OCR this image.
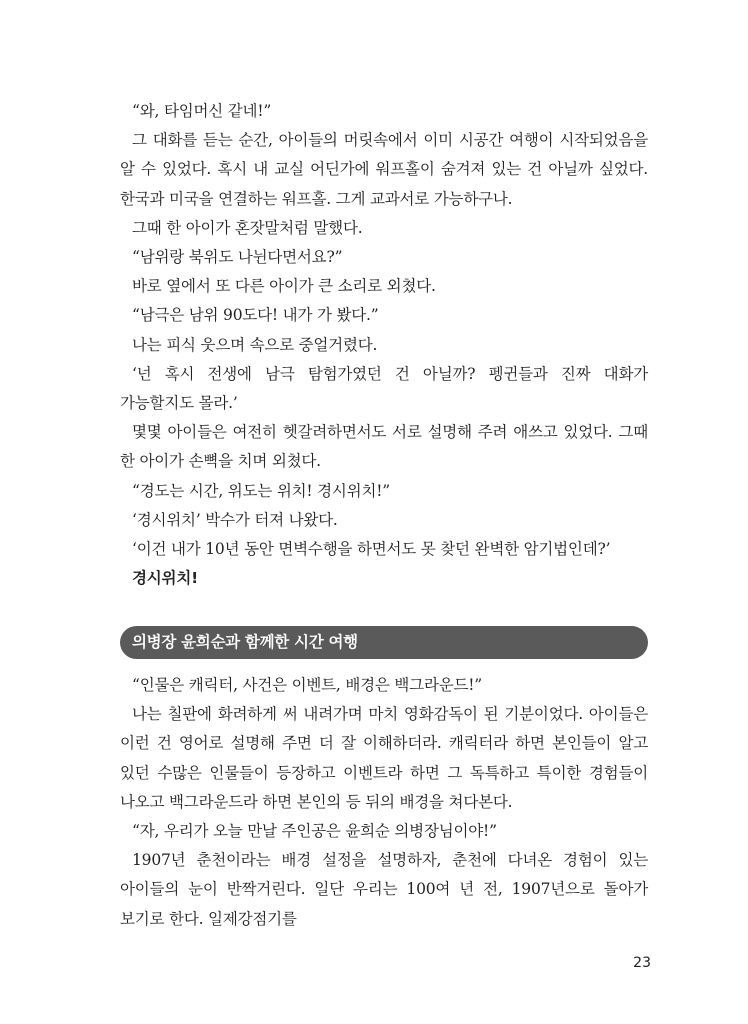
“와, 타임머신 같네!”

그 대화를 듣는 순간, 아이들의 머릿속에서 이미 시공간 여행이 시작되었음을 알 수 있었다. 혹시 내 교실 어딘가에 워프홀이 숨겨져 있는 건 아닐까 싶었다. 한국과 미국을 연결하는 워프홀. 그게 교과서로 가능하구나.

그때 한 아이가 혼잣말처럼 말했다.

“남위랑 북위도 나뉜다면서요?”

바로 옆에서 또 다른 아이가 큰 소리로 외쳤다.

“남극은 남위 90도다! 내가 가 봤다.”

나는 피식 웃으며 속으로 중얼거렸다.

‘넌 혹시 전생에 남극 탐험가였던 건 아닐까? 펭귄들과 진짜 대화가 가능할지도 몰라.’

몇몇 아이들은 여전히 헷갈려하면서도 서로 설명해 주려 애쓰고 있었다. 그때 한 아이가 손뼉을 치며 외쳤다.

“경도는 시간, 위도는 위치! 경시위치!”

‘경시위치’ 박수가 터져 나왔다.

‘이건 내가 10년 동안 면벽수행을 하면서도 못 찾던 완벽한 암기법인데?’

경시위치!

의병장 윤희순과 함께한 시간 여행

“인물은 캐릭터, 사건은 이벤트, 배경은 백그라운드!”

나는 칠판에 화려하게 써 내려가며 마치 영화감독이 된 기분이었다. 아이들은 이런 건 영어로 설명해 주면 더 잘 이해하더라. 캐릭터라 하면 본인들이 알고 있던 수많은 인물들이 등장하고 이벤트라 하면 그 독특하고 특이한 경험들이 나오고 백그라운드라 하면 본인의 등 뒤의 배경을 쳐다본다.

“자, 우리가 오늘 만날 주인공은 윤희순 의병장님이야!”

1907년 춘천이라는 배경 설정을 설명하자, 춘천에 다녀온 경험이 있는 아이들의 눈이 반짝거린다. 일단 우리는 100여 년 전, 1907년으로 돌아가 보기로 한다. 일제강점기를

23
